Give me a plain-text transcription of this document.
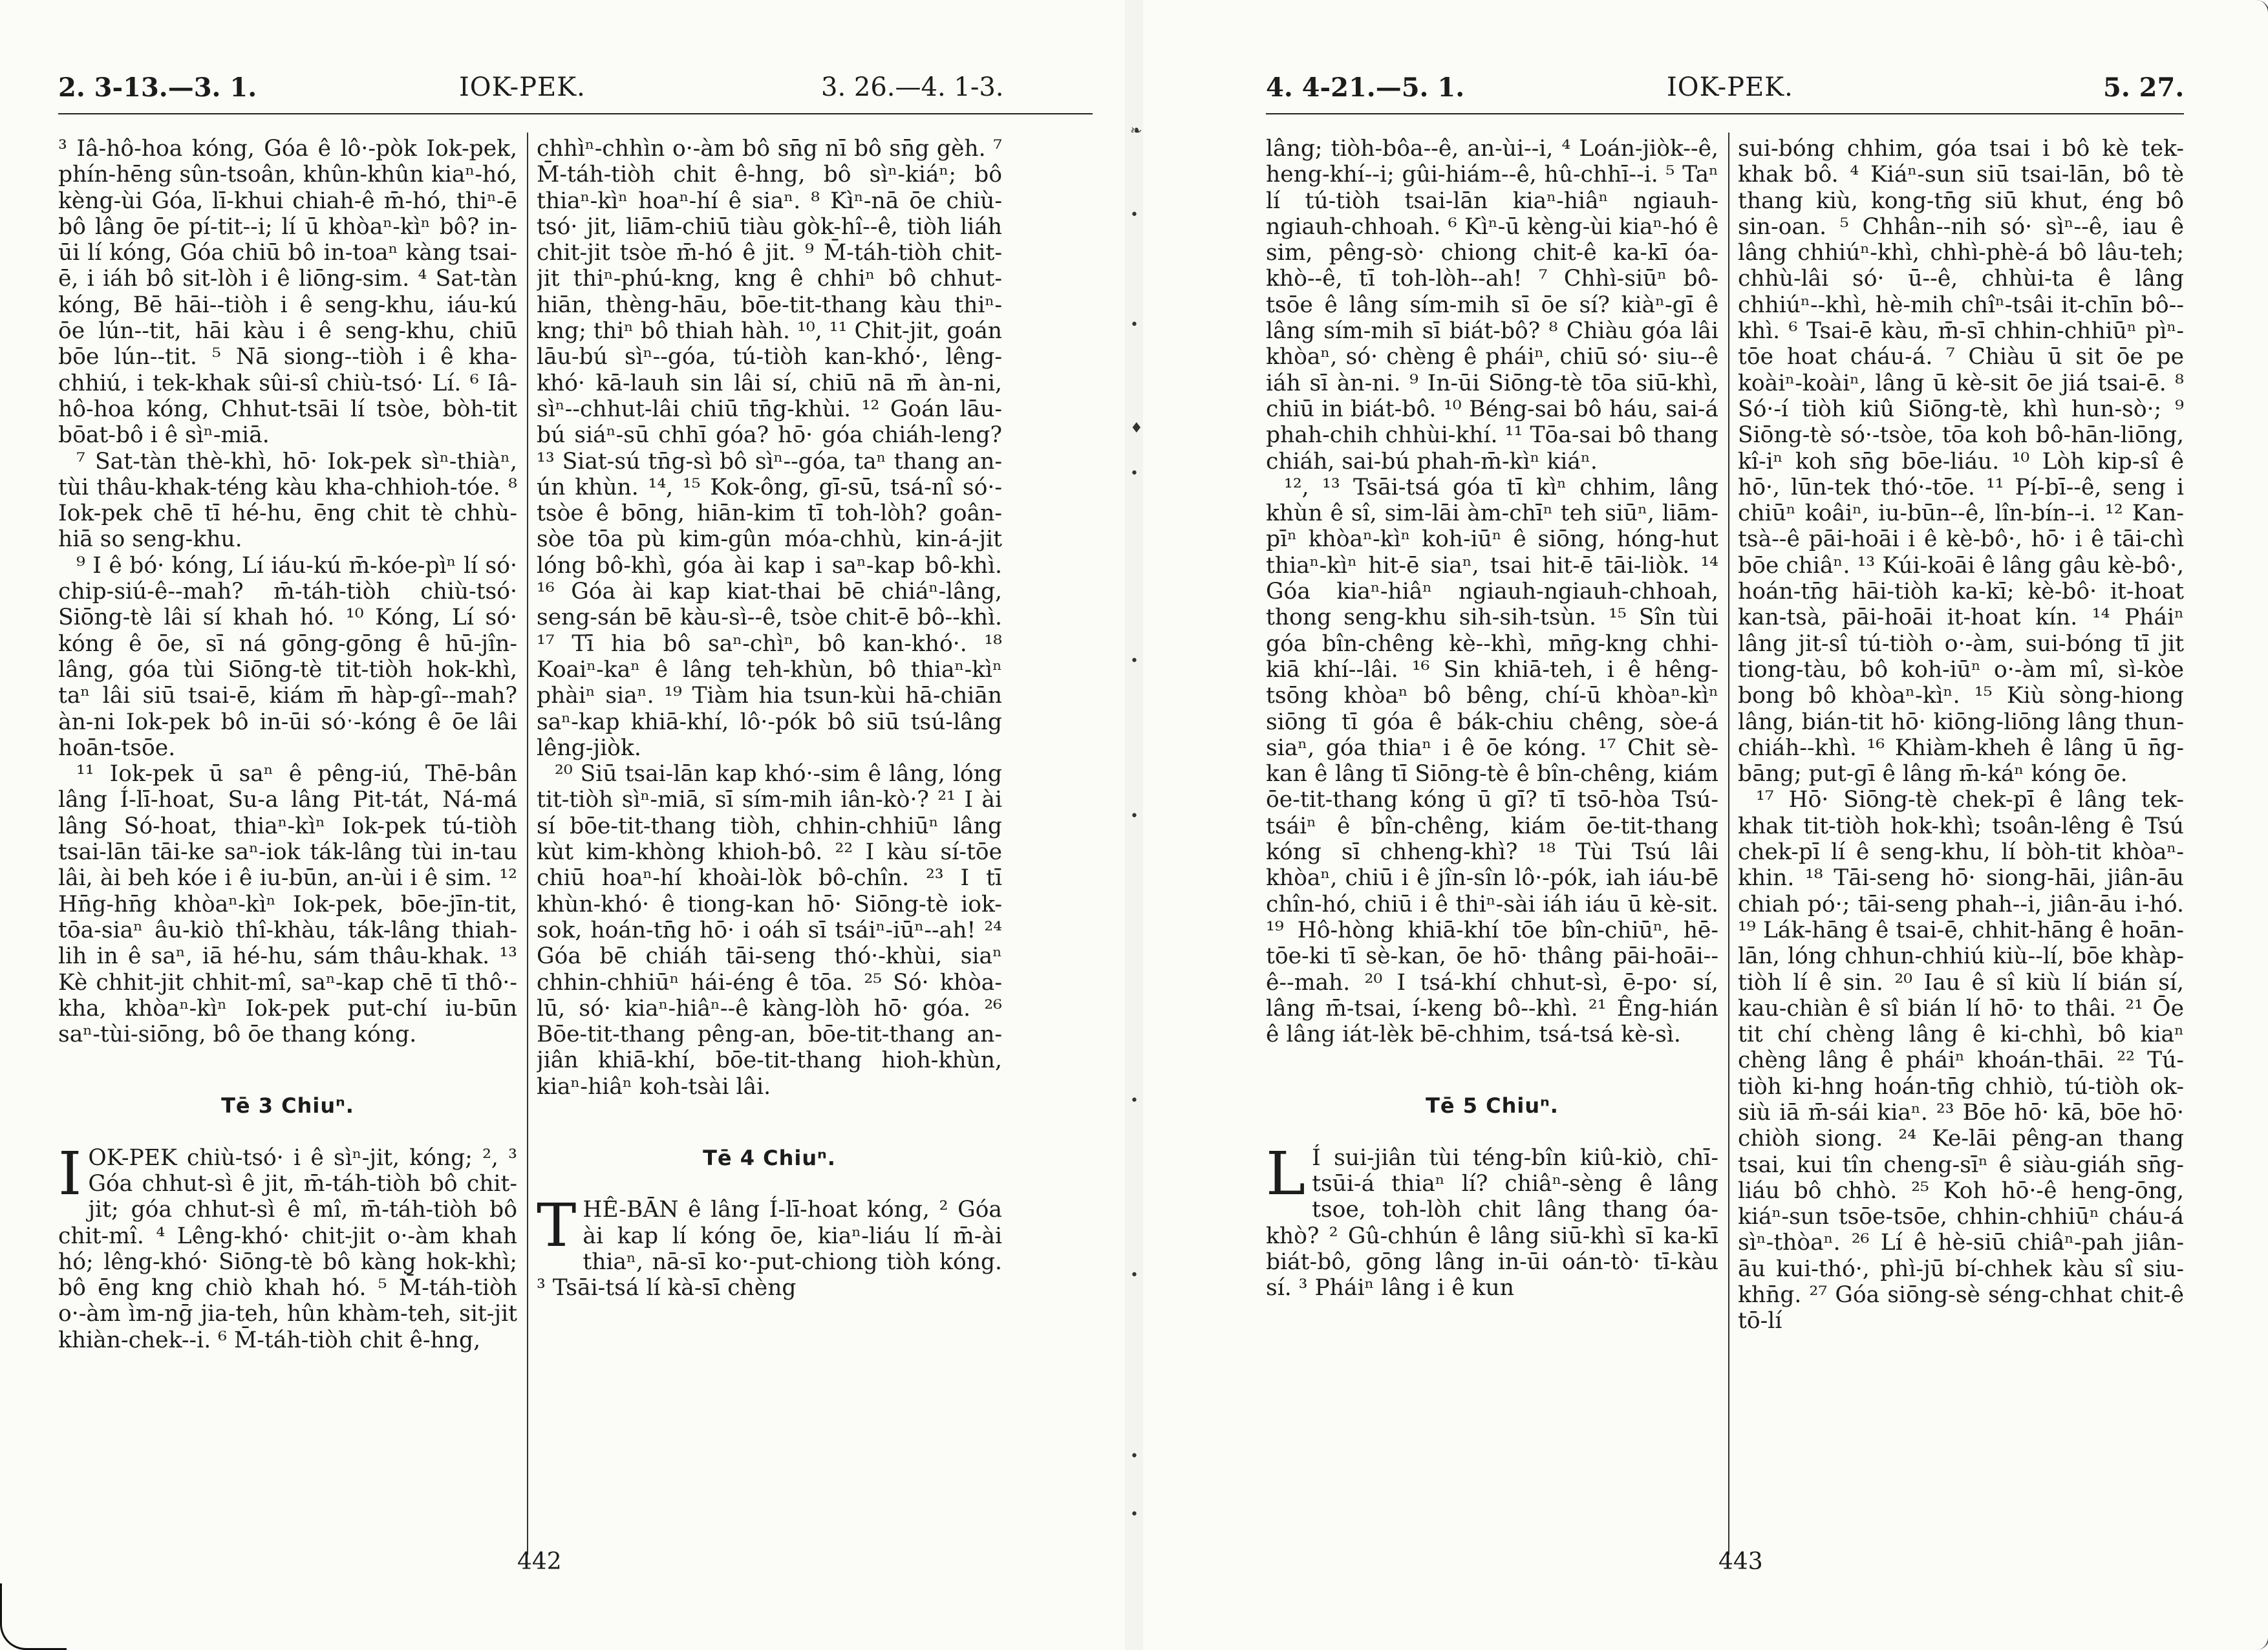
2. 3-13.—3. 1.	IOK-PEK.	3. 26.—4. 1-3.

³ Iâ-hô-hoa kóng, Góa ê lô·-pòk Iok-pek, phín-hēng sûn-tsoân, khûn-khûn kiaⁿ-hó, kèng-ùi Góa, lī-khui chiah-ê m̄-hó, thiⁿ-ē bô lâng ōe pí-tit--i; lí ū khòaⁿ-kìⁿ bô? in-ūi lí kóng, Góa chiū bô in-toaⁿ kàng tsai-ē, i iáh bô sit-lòh i ê liōng-sim. ⁴ Sat-tàn kóng, Bē hāi--tiòh i ê seng-khu, iáu-kú ōe lún--tit, hāi kàu i ê seng-khu, chiū bōe lún--tit. ⁵ Nā siong--tiòh i ê kha-chhiú, i tek-khak sûi-sî chiù-tsó· Lí. ⁶ Iâ-hô-hoa kóng, Chhut-tsāi lí tsòe, bòh-tit bōat-bô i ê sìⁿ-miā.

⁷ Sat-tàn thè-khì, hō· Iok-pek sìⁿ-thiàⁿ, tùi thâu-khak-téng kàu kha-chhioh-tóe. ⁸ Iok-pek chē tī hé-hu, ēng chit tè chhù-hiā so seng-khu.

⁹ I ê bó· kóng, Lí iáu-kú m̄-kóe-pìⁿ lí só· chip-siú-ê--mah? m̄-táh-tiòh chiù-tsó· Siōng-tè lâi sí khah hó. ¹⁰ Kóng, Lí só· kóng ê ōe, sī ná gōng-gōng ê hū-jîn-lâng, góa tùi Siōng-tè tit-tiòh hok-khì, taⁿ lâi siū tsai-ē, kiám m̄ hàp-gî--mah? àn-ni Iok-pek bô in-ūi sóˑ-kóng ê ōe lâi hoān-tsōe.

¹¹ Iok-pek ū saⁿ ê pêng-iú, Thē-bân lâng Í-lī-hoat, Su-a lâng Pit-tát, Ná-má lâng Só-hoat, thiaⁿ-kìⁿ Iok-pek tú-tiòh tsai-lān tāi-ke saⁿ-iok ták-lâng tùi in-tau lâi, ài beh kóe i ê iu-būn, an-ùi i ê sim. ¹² Hn̄g-hn̄g khòaⁿ-kìⁿ Iok-pek, bōe-jīn-tit, tōa-siaⁿ âu-kiò thî-khàu, ták-lâng thiah-lih in ê saⁿ, iā hé-hu, sám thâu-khak. ¹³ Kè chhit-jit chhit-mî, saⁿ-kap chē tī thô·-kha, khòaⁿ-kìⁿ Iok-pek put-chí iu-būn saⁿ-tùi-siōng, bô ōe thang kóng.

Tē 3 Chiuⁿ.

IOK-PEK chiù-tsó· i ê sìⁿ-jit, kóng; ², ³ Góa chhut-sì ê jit, m̄-táh-tiòh bô chit-jit; góa chhut-sì ê mî, m̄-táh-tiòh bô chit-mî. ⁴ Lêng-khó· chit-jit o·-àm khah hó; lêng-khó· Siōng-tè bô kàng hok-khì; bô ēng kng chiò khah hó. ⁵ M̄-táh-tiòh o·-àm ìm-nḡ jia-teh, hûn khàm-teh, sit-jit khiàn-chek--i. ⁶ M̄-táh-tiòh chit ê-hng,

chhìⁿ-chhìn o·-àm bô sn̄g nī bô sn̄g gèh. ⁷ M̄-táh-tiòh chit ê-hng, bô sìⁿ-kiáⁿ; bô thiaⁿ-kìⁿ hoaⁿ-hí ê siaⁿ. ⁸ Kìⁿ-nā ōe chiù-tsó· jit, liām-chiū tiàu gòk-hî--ê, tiòh liáh chit-jit tsòe m̄-hó ê jit. ⁹ M̄-táh-tiòh chit-jit thiⁿ-phú-kng, kng ê chhiⁿ bô chhut-hiān, thèng-hāu, bōe-tit-thang kàu thiⁿ-kng; thiⁿ bô thiah hàh. ¹⁰, ¹¹ Chit-jit, goán lāu-bú sìⁿ--góa, tú-tiòh kan-khó·, lêng-khó· kā-lauh sin lâi sí, chiū nā m̄ àn-ni, sìⁿ--chhut-lâi chiū tn̄g-khùi. ¹² Goán lāu-bú siáⁿ-sū chhī góa? hō· góa chiáh-leng? ¹³ Siat-sú tn̄g-sì bô sìⁿ--góa, taⁿ thang an-ún khùn. ¹⁴, ¹⁵ Kok-ông, gī-sū, tsá-nî só·-tsòe ê bōng, hiān-kim tī toh-lòh? goân-sòe tōa pù kim-gûn móa-chhù, kin-á-jit lóng bô-khì, góa ài kap i saⁿ-kap bô-khì. ¹⁶ Góa ài kap kiat-thai bē chiáⁿ-lâng, seng-sán bē kàu-sì--ê, tsòe chit-ē bô--khì. ¹⁷ Tī hia bô saⁿ-chìⁿ, bô kan-khó·. ¹⁸ Koaiⁿ-kaⁿ ê lâng teh-khùn, bô thiaⁿ-kìⁿ phàiⁿ siaⁿ. ¹⁹ Tiàm hia tsun-kùi hā-chiān saⁿ-kap khiā-khí, lô·-pók bô siū tsú-lâng lêng-jiòk.

²⁰ Siū tsai-lān kap khó·-sim ê lâng, lóng tit-tiòh sìⁿ-miā, sī sím-mih iân-kò·? ²¹ I ài sí bōe-tit-thang tiòh, chhin-chhiūⁿ lâng kùt kim-khòng khioh-bô. ²² I kàu sí-tōe chiū hoaⁿ-hí khoài-lòk bô-chîn. ²³ I tī khùn-khó· ê tiong-kan hō· Siōng-tè iok-sok, hoán-tn̄g hō· i oáh sī tsáiⁿ-iūⁿ--ah! ²⁴ Góa bē chiáh tāi-seng thó·-khùi, siaⁿ chhin-chhiūⁿ hái-éng ê tōa. ²⁵ Só· khòa-lū, só· kiaⁿ-hiâⁿ--ê kàng-lòh hō· góa. ²⁶ Bōe-tit-thang pêng-an, bōe-tit-thang an-jiân khiā-khí, bōe-tit-thang hioh-khùn, kiaⁿ-hiâⁿ koh-tsài lâi.

Tē 4 Chiuⁿ.

THÊ-BĀN ê lâng Í-lī-hoat kóng, ² Góa ài kap lí kóng ōe, kiaⁿ-liáu lí m̄-ài thiaⁿ, nā-sī ko·-put-chiong tiòh kóng. ³ Tsāi-tsá lí kà-sī chèng

442
❧
•
•
♦
•
•
•
•
•
•
•
4. 4-21.—5. 1.	IOK-PEK.	5. 27.

lâng; tiòh-bôa--ê, an-ùi--i, ⁴ Loán-jiòk--ê, heng-khí--i; gûi-hiám--ê, hû-chhī--i. ⁵ Taⁿ lí tú-tiòh tsai-lān kiaⁿ-hiâⁿ ngiauh-ngiauh-chhoah. ⁶ Kìⁿ-ū kèng-ùi kiaⁿ-hó ê sim, pêng-sò· chiong chit-ê ka-kī óa-khò--ê, tī toh-lòh--ah! ⁷ Chhì-siūⁿ bô-tsōe ê lâng sím-mih sī ōe sí? kiàⁿ-gī ê lâng sím-mih sī biát-bô? ⁸ Chiàu góa lâi khòaⁿ, só· chèng ê pháiⁿ, chiū só· siu--ê iáh sī àn-ni. ⁹ In-ūi Siōng-tè tōa siū-khì, chiū in biát-bô. ¹⁰ Béng-sai bô háu, sai-á phah-chih chhùi-khí. ¹¹ Tōa-sai bô thang chiáh, sai-bú phah-m̄-kìⁿ kiáⁿ.

¹², ¹³ Tsāi-tsá góa tī kìⁿ chhim, lâng khùn ê sî, sim-lāi àm-chīⁿ teh siūⁿ, liām-pīⁿ khòaⁿ-kìⁿ koh-iūⁿ ê siōng, hóng-hut thiaⁿ-kìⁿ hit-ē siaⁿ, tsai hit-ē tāi-liòk. ¹⁴ Góa kiaⁿ-hiâⁿ ngiauh-ngiauh-chhoah, thong seng-khu sih-sih-tsùn. ¹⁵ Sîn tùi góa bîn-chêng kè--khì, mn̄g-kng chhi-kiā khí--lâi. ¹⁶ Sin khiā-teh, i ê hêng-tsōng khòaⁿ bô bêng, chí-ū khòaⁿ-kìⁿ siōng tī góa ê bák-chiu chêng, sòe-á siaⁿ, góa thiaⁿ i ê ōe kóng. ¹⁷ Chit sè-kan ê lâng tī Siōng-tè ê bîn-chêng, kiám ōe-tit-thang kóng ū gī? tī tsō-hòa Tsú-tsáiⁿ ê bîn-chêng, kiám ōe-tit-thang kóng sī chheng-khì? ¹⁸ Tùi Tsú lâi khòaⁿ, chiū i ê jîn-sîn lô·-pók, iah iáu-bē chîn-hó, chiū i ê thiⁿ-sài iáh iáu ū kè-sit. ¹⁹ Hô-hòng khiā-khí tōe bîn-chiūⁿ, hē-tōe-ki tī sè-kan, ōe hō· thâng pāi-hoāi--ê--mah. ²⁰ I tsá-khí chhut-sì, ē-po· sí, lâng m̄-tsai, í-keng bô--khì. ²¹ Êng-hián ê lâng iát-lèk bē-chhim, tsá-tsá kè-sì.

Tē 5 Chiuⁿ.

L Í sui-jiân tùi téng-bîn kiû-kiò, chī-tsūi-á thiaⁿ lí? chiâⁿ-sèng ê lâng tsoe, toh-lòh chit lâng thang óa-khò? ² Gû-chhún ê lâng siū-khì sī ka-kī biát-bô, gōng lâng in-ūi oán-tò· tī-kàu sí. ³ Pháiⁿ lâng i ê kun

sui-bóng chhim, góa tsai i bô kè tek-khak bô. ⁴ Kiáⁿ-sun siū tsai-lān, bô tè thang kiù, kong-tn̄g siū khut, éng bô sin-oan. ⁵ Chhân--nih só· sìⁿ--ê, iau ê lâng chhiúⁿ-khì, chhì-phè-á bô lâu-teh; chhù-lâi só· ū--ê, chhùi-ta ê lâng chhiúⁿ--khì, hè-mih chîⁿ-tsâi it-chīn bô--khì. ⁶ Tsai-ē kàu, m̄-sī chhin-chhiūⁿ pìⁿ-tōe hoat cháu-á. ⁷ Chiàu ū sit ōe pe koàiⁿ-koàiⁿ, lâng ū kè-sit ōe jiá tsai-ē. ⁸ Só·-í tiòh kiû Siōng-tè, khì hun-sò·; ⁹ Siōng-tè só·-tsòe, tōa koh bô-hān-liōng, kî-iⁿ koh sn̄g bōe-liáu. ¹⁰ Lòh kip-sî ê hō·, lūn-tek thó·-tōe. ¹¹ Pí-bī--ê, seng i chiūⁿ koâiⁿ, iu-būn--ê, lîn-bín--i. ¹² Kan-tsà--ê pāi-hoāi i ê kè-bô·, hō· i ê tāi-chì bōe chiâⁿ. ¹³ Kúi-koāi ê lâng gâu kè-bô·, hoán-tn̄g hāi-tiòh ka-kī; kè-bô· it-hoat kan-tsà, pāi-hoāi it-hoat kín. ¹⁴ Pháiⁿ lâng jit-sî tú-tiòh o·-àm, sui-bóng tī jit tiong-tàu, bô koh-iūⁿ o·-àm mî, sì-kòe bong bô khòaⁿ-kìⁿ. ¹⁵ Kiù sòng-hiong lâng, bián-tit hō· kiōng-liōng lâng thun-chiáh--khì. ¹⁶ Khiàm-kheh ê lâng ū n̄g-bāng; put-gī ê lâng m̄-káⁿ kóng ōe.

¹⁷ Hō· Siōng-tè chek-pī ê lâng tek-khak tit-tiòh hok-khì; tsoân-lêng ê Tsú chek-pī lí ê seng-khu, lí bòh-tit khòaⁿ-khin. ¹⁸ Tāi-seng hō· siong-hāi, jiân-āu chiah pó·; tāi-seng phah--i, jiân-āu i-hó. ¹⁹ Lák-hāng ê tsai-ē, chhit-hāng ê hoān-lān, lóng chhun-chhiú kiù--lí, bōe khàp-tiòh lí ê sin. ²⁰ Iau ê sî kiù lí bián sí, kau-chiàn ê sî bián lí hō· to thâi. ²¹ Ōe tit chí chèng lâng ê ki-chhì, bô kiaⁿ chèng lâng ê pháiⁿ khoán-thāi. ²² Tú-tiòh ki-hng hoán-tn̄g chhiò, tú-tiòh ok-siù iā m̄-sái kiaⁿ. ²³ Bōe hō· kā, bōe hō· chiòh siong. ²⁴ Ke-lāi pêng-an thang tsai, kui tîn cheng-sīⁿ ê siàu-giáh sn̄g-liáu bô chhò. ²⁵ Koh hō·-ê heng-ōng, kiáⁿ-sun tsōe-tsōe, chhin-chhiūⁿ cháu-á sìⁿ-thòaⁿ. ²⁶ Lí ê hè-siū chiâⁿ-pah jiân-āu kui-thó·, phì-jū bí-chhek kàu sî siu-khn̄g. ²⁷ Góa siōng-sè séng-chhat chit-ê tō-lí

443
